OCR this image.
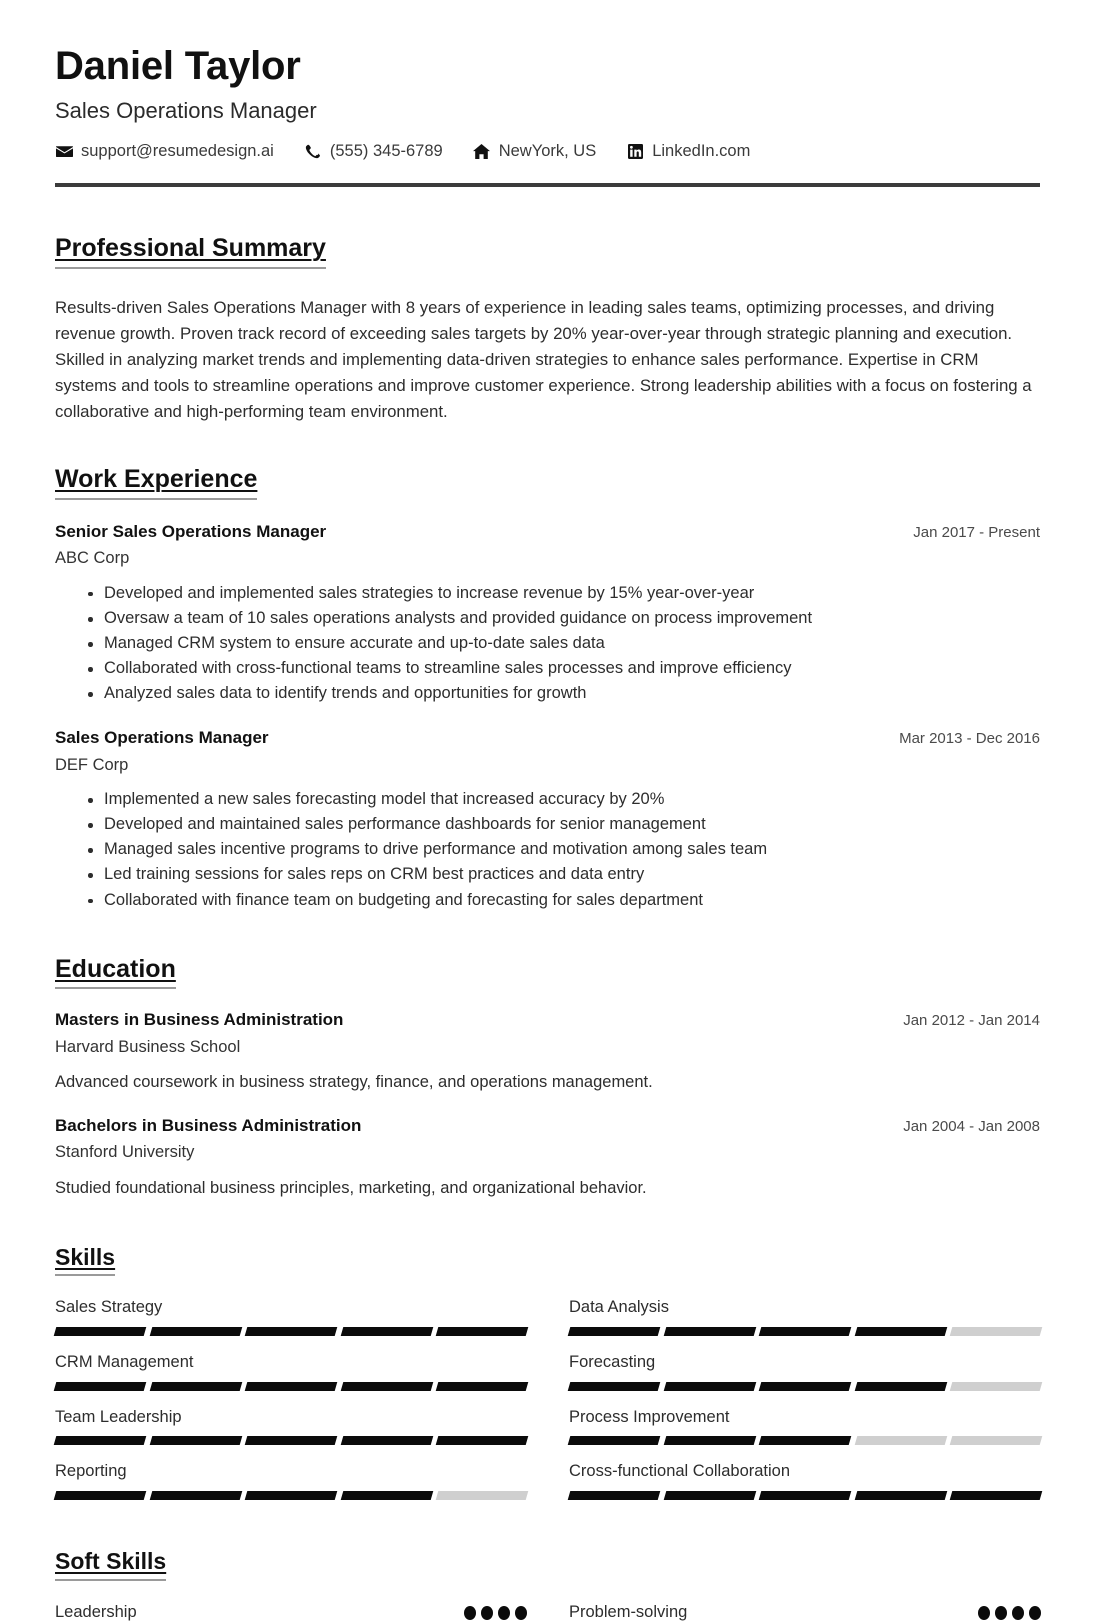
Daniel Taylor
Sales Operations Manager
support@resumedesign.ai	(555) 345-6789	NewYork, US	LinkedIn.com
Professional Summary

Results-driven Sales Operations Manager with 8 years of experience in leading sales teams, optimizing processes, and driving revenue growth. Proven track record of exceeding sales targets by 20% year-over-year through strategic planning and execution. Skilled in analyzing market trends and implementing data-driven strategies to enhance sales performance. Expertise in CRM systems and tools to streamline operations and improve customer experience. Strong leadership abilities with a focus on fostering a collaborative and high-performing team environment.

Work Experience
Senior Sales Operations Manager	Jan 2017 - Present
ABC Corp
Developed and implemented sales strategies to increase revenue by 15% year-over-year
Oversaw a team of 10 sales operations analysts and provided guidance on process improvement
Managed CRM system to ensure accurate and up-to-date sales data
Collaborated with cross-functional teams to streamline sales processes and improve efficiency
Analyzed sales data to identify trends and opportunities for growth
Sales Operations Manager	Mar 2013 - Dec 2016
DEF Corp
Implemented a new sales forecasting model that increased accuracy by 20%
Developed and maintained sales performance dashboards for senior management
Managed sales incentive programs to drive performance and motivation among sales team
Led training sessions for sales reps on CRM best practices and data entry
Collaborated with finance team on budgeting and forecasting for sales department
Education
Masters in Business Administration	Jan 2012 - Jan 2014
Harvard Business School
Advanced coursework in business strategy, finance, and operations management.
Bachelors in Business Administration	Jan 2004 - Jan 2008
Stanford University
Studied foundational business principles, marketing, and organizational behavior.
Skills
Sales Strategy	Data Analysis
CRM Management	Forecasting
Team Leadership	Process Improvement
Reporting	Cross-functional Collaboration
Soft Skills
Leadership	Problem-solving
